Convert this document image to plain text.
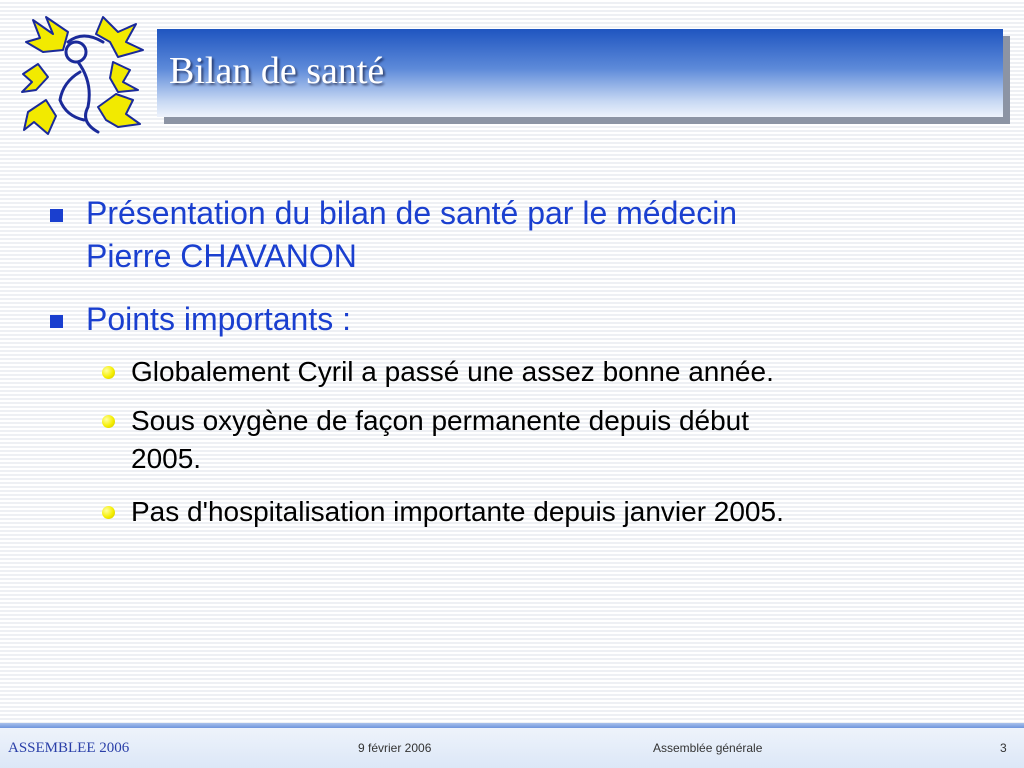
Bilan de santé
Présentation du bilan de santé par le médecin
Pierre CHAVANON
Points importants :
Globalement Cyril a passé une assez bonne année.
Sous oxygène de façon permanente depuis début
2005.
Pas d'hospitalisation importante depuis janvier 2005.
ASSEMBLEE 2006	9 février 2006	Assemblée générale	3
